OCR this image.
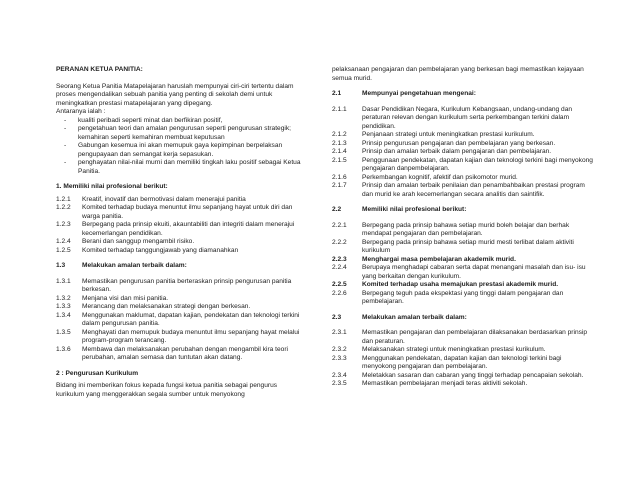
PERANAN KETUA PANITIA:

Seorang Ketua Panitia Matapelajaran haruslah mempunyai ciri-ciri tertentu dalam proses mengendalikan sebuah panitia yang penting di sekolah demi untuk meningkatkan prestasi matapelajaran yang dipegang.

Antaranya ialah :

-	kualiti peribadi seperti minat dan berfikiran positif,
-	pengetahuan teori dan amalan pengurusan seperti pengurusan strategik; kemahiran seperti kemahiran membuat keputusan
-	Gabungan kesemua ini akan memupuk gaya kepimpinan berpelaksan pengupayaan dan semangat kerja sepasukan.
-	penghayatan nilai-nilai murni dan memiliki tingkah laku positif sebagai Ketua Panitia.

1. Memiliki nilai profesional berikut:

1.2.1	Kreatif, inovatif dan bermotivasi dalam menerajui panitia
1.2.2	Komited terhadap budaya menuntut ilmu sepanjang hayat untuk diri dan warga panitia.
1.2.3	Berpegang pada prinsip ekuiti, akauntabiliti dan integriti dalam menerajui kecemerlangan pendidikan.
1.2.4	Berani dan sanggup mengambil risiko.
1.2.5	Komited terhadap tanggungjawab yang diamanahkan
1.3	Melakukan amalan terbaik dalam:
1.3.1	Memastikan pengurusan panitia berteraskan prinsip pengurusan panitia berkesan.
1.3.2	Menjana visi dan misi panitia.
1.3.3	Merancang dan melaksanakan strategi dengan berkesan.
1.3.4	Menggunakan maklumat, dapatan kajian, pendekatan dan teknologi terkini dalam pengurusan panitia.
1.3.5	Menghayati dan memupuk budaya menuntut ilmu sepanjang hayat melalui program-program terancang.
1.3.6	Membawa dan melaksanakan perubahan dengan mengambil kira teori perubahan, amalan semasa dan tuntutan akan datang.

2 : Pengurusan Kurikulum

Bidang ini memberikan fokus kepada fungsi ketua panitia sebagai pengurus kurikulum yang menggerakkan segala sumber untuk menyokong

pelaksanaan pengajaran dan pembelajaran yang berkesan bagi memastikan kejayaan semua murid.

2.1	Mempunyai pengetahuan mengenai:
2.1.1	Dasar Pendidikan Negara, Kurikulum Kebangsaan, undang-undang dan peraturan relevan dengan kurikulum serta perkembangan terkini dalam pendidikan.
2.1.2	Penjanaan strategi untuk meningkatkan prestasi kurikulum.
2.1.3	Prinsip pengurusan pengajaran dan pembelajaran yang berkesan.
2.1.4	Prinsip dan amalan terbaik dalam pengajaran dan pembelajaran.
2.1.5	Penggunaan pendekatan, dapatan kajian dan teknologi terkini bagi menyokong pengajaran danpembelajaran.
2.1.6	Perkembangan kognitif, afektif dan psikomotor murid.
2.1.7	Prinsip dan amalan terbaik penilaian dan penambahbaikan prestasi program dan murid ke arah kecemerlangan secara analitis dan saintifik.
2.2	Memiliki nilai profesional berikut:
2.2.1	Berpegang pada prinsip bahawa setiap murid boleh belajar dan berhak mendapat pengajaran dan pembelajaran.
2.2.2	Berpegang pada prinsip bahawa setiap murid mesti terlibat dalam aktiviti kurikulum
2.2.3	Menghargai masa pembelajaran akademik murid.
2.2.4	Berupaya menghadapi cabaran serta dapat menangani masalah dan isu- isu yang berkaitan dengan kurikulum.
2.2.5	Komited terhadap usaha memajukan prestasi akademik murid.
2.2.6	Berpegang teguh pada ekspektasi yang tinggi dalam pengajaran dan pembelajaran.
2.3	Melakukan amalan terbaik dalam:
2.3.1	Memastikan pengajaran dan pembelajaran dilaksanakan berdasarkan prinsip dan peraturan.
2.3.2	Melaksanakan strategi untuk meningkatkan prestasi kurikulum.
2.3.3	Menggunakan pendekatan, dapatan kajian dan teknologi terkini bagi menyokong pengajaran dan pembelajaran.
2.3.4	Meletakkan sasaran dan cabaran yang tinggi terhadap pencapaian sekolah.
2.3.5	Memastikan pembelajaran menjadi teras aktiviti sekolah.
